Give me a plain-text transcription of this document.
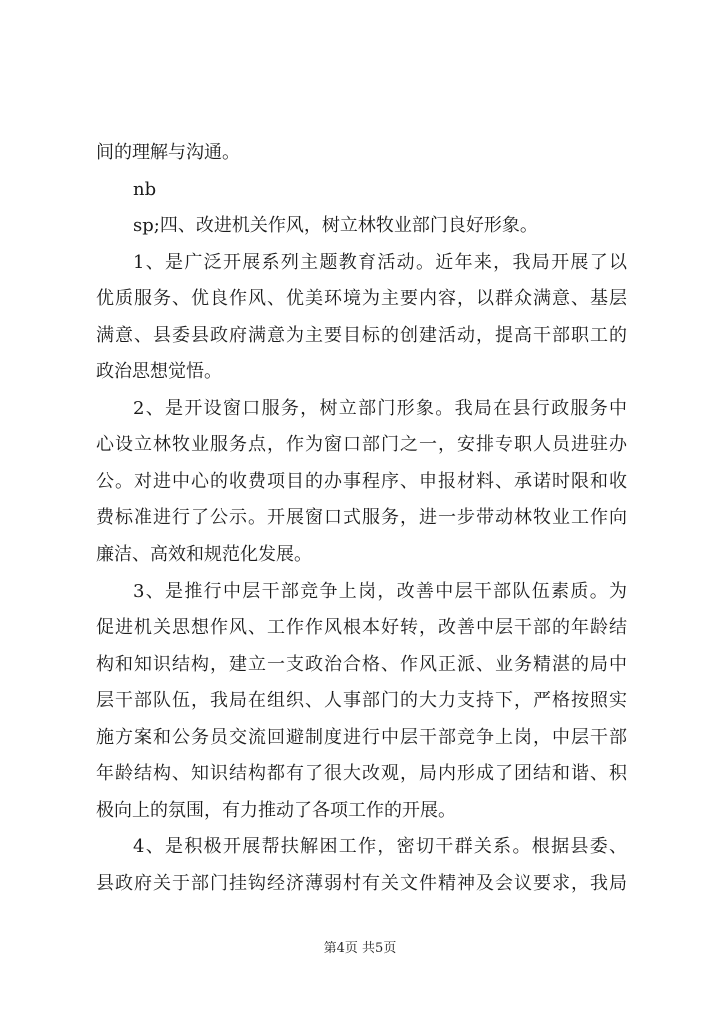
间的理解与沟通。
nb
sp;四、改进机关作风，树立林牧业部门良好形象。
1、是广泛开展系列主题教育活动。近年来，我局开展了以
优质服务、优良作风、优美环境为主要内容，以群众满意、基层
满意、县委县政府满意为主要目标的创建活动，提高干部职工的
政治思想觉悟。
2、是开设窗口服务，树立部门形象。我局在县行政服务中
心设立林牧业服务点，作为窗口部门之一，安排专职人员进驻办
公。对进中心的收费项目的办事程序、申报材料、承诺时限和收
费标准进行了公示。开展窗口式服务，进一步带动林牧业工作向
廉洁、高效和规范化发展。
3、是推行中层干部竞争上岗，改善中层干部队伍素质。为
促进机关思想作风、工作作风根本好转，改善中层干部的年龄结
构和知识结构，建立一支政治合格、作风正派、业务精湛的局中
层干部队伍，我局在组织、人事部门的大力支持下，严格按照实
施方案和公务员交流回避制度进行中层干部竞争上岗，中层干部
年龄结构、知识结构都有了很大改观，局内形成了团结和谐、积
极向上的氛围，有力推动了各项工作的开展。
4、是积极开展帮扶解困工作，密切干群关系。根据县委、
县政府关于部门挂钩经济薄弱村有关文件精神及会议要求，我局
第4页 共5页
